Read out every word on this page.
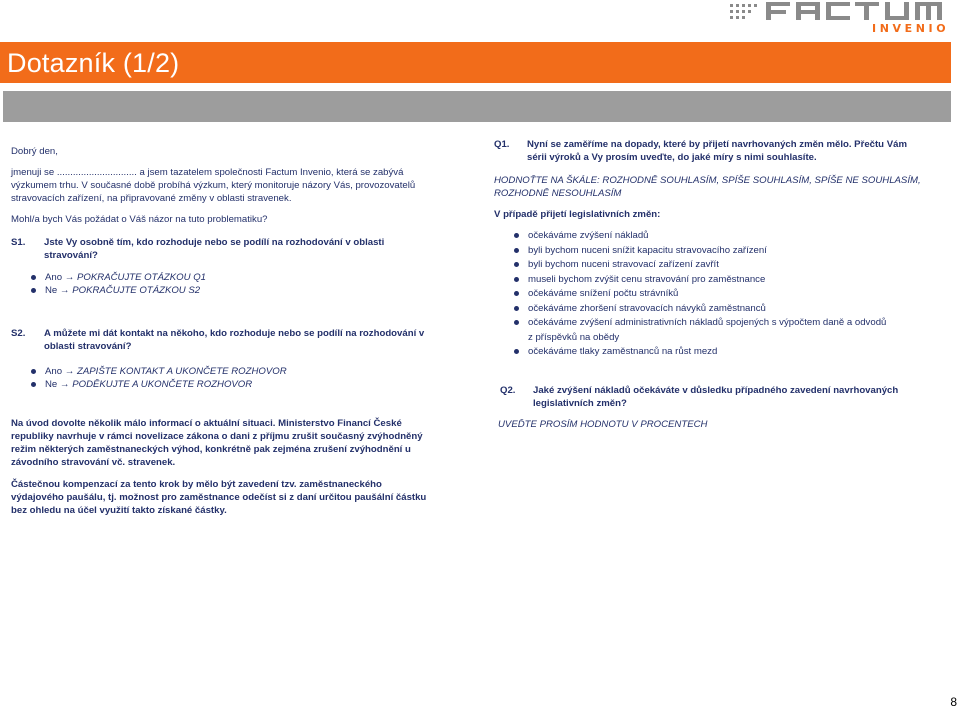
INVENIO
Dotazník (1/2)

Dobrý den,

jmenuji se .............................. a jsem tazatelem společnosti Factum Invenio, která se zabývá výzkumem trhu. V současné době probíhá výzkum, který monitoruje názory Vás, provozovatelů stravovacích zařízení, na připravované změny v oblasti stravenek.

Mohl/a bych Vás požádat o Váš názor na tuto problematiku?

S1.	Jste Vy osobně tím, kdo rozhoduje nebo se podílí na rozhodování v oblasti stravování?
Ano → POKRAČUJTE OTÁZKOU Q1
Ne → POKRAČUJTE OTÁZKOU S2
S2.	A můžete mi dát kontakt na někoho, kdo rozhoduje nebo se podílí na rozhodování v oblasti stravování?
Ano → ZAPIŠTE KONTAKT A UKONČETE ROZHOVOR
Ne → PODĚKUJTE A UKONČETE ROZHOVOR

Na úvod dovolte několik málo informací o aktuální situaci. Ministerstvo Financí České republiky navrhuje v rámci novelizace zákona o dani z příjmu zrušit současný zvýhodněný režim některých zaměstnaneckých výhod, konkrétně pak zejména zrušení zvýhodnění u závodního stravování vč. stravenek.

Částečnou kompenzací za tento krok by mělo být zavedení tzv. zaměstnaneckého výdajového paušálu, tj. možnost pro zaměstnance odečíst si z daní určitou paušální částku bez ohledu na účel využití takto získané částky.

Q1.	Nyní se zaměříme na dopady, které by přijetí navrhovaných změn mělo. Přečtu Vám sérii výroků a Vy prosím uveďte, do jaké míry s nimi souhlasíte.

HODNOŤTE NA ŠKÁLE: ROZHODNĚ SOUHLASÍM, SPÍŠE SOUHLASÍM, SPÍŠE NE SOUHLASÍM, ROZHODNĚ NESOUHLASÍM

V případě přijetí legislativních změn:

očekáváme zvýšení nákladů
byli bychom nuceni snížit kapacitu stravovacího zařízení
byli bychom nuceni stravovací zařízení zavřít
museli bychom zvýšit cenu stravování pro zaměstnance
očekáváme snížení počtu strávníků
očekáváme zhoršení stravovacích návyků zaměstnanců
očekáváme zvýšení administrativních nákladů spojených s výpočtem daně a odvodů
z příspěvků na obědy
očekáváme tlaky zaměstnanců na růst mezd
Q2.	Jaké zvýšení nákladů očekáváte v důsledku případného zavedení navrhovaných legislativních změn?

UVEĎTE PROSÍM HODNOTU V PROCENTECH

8
